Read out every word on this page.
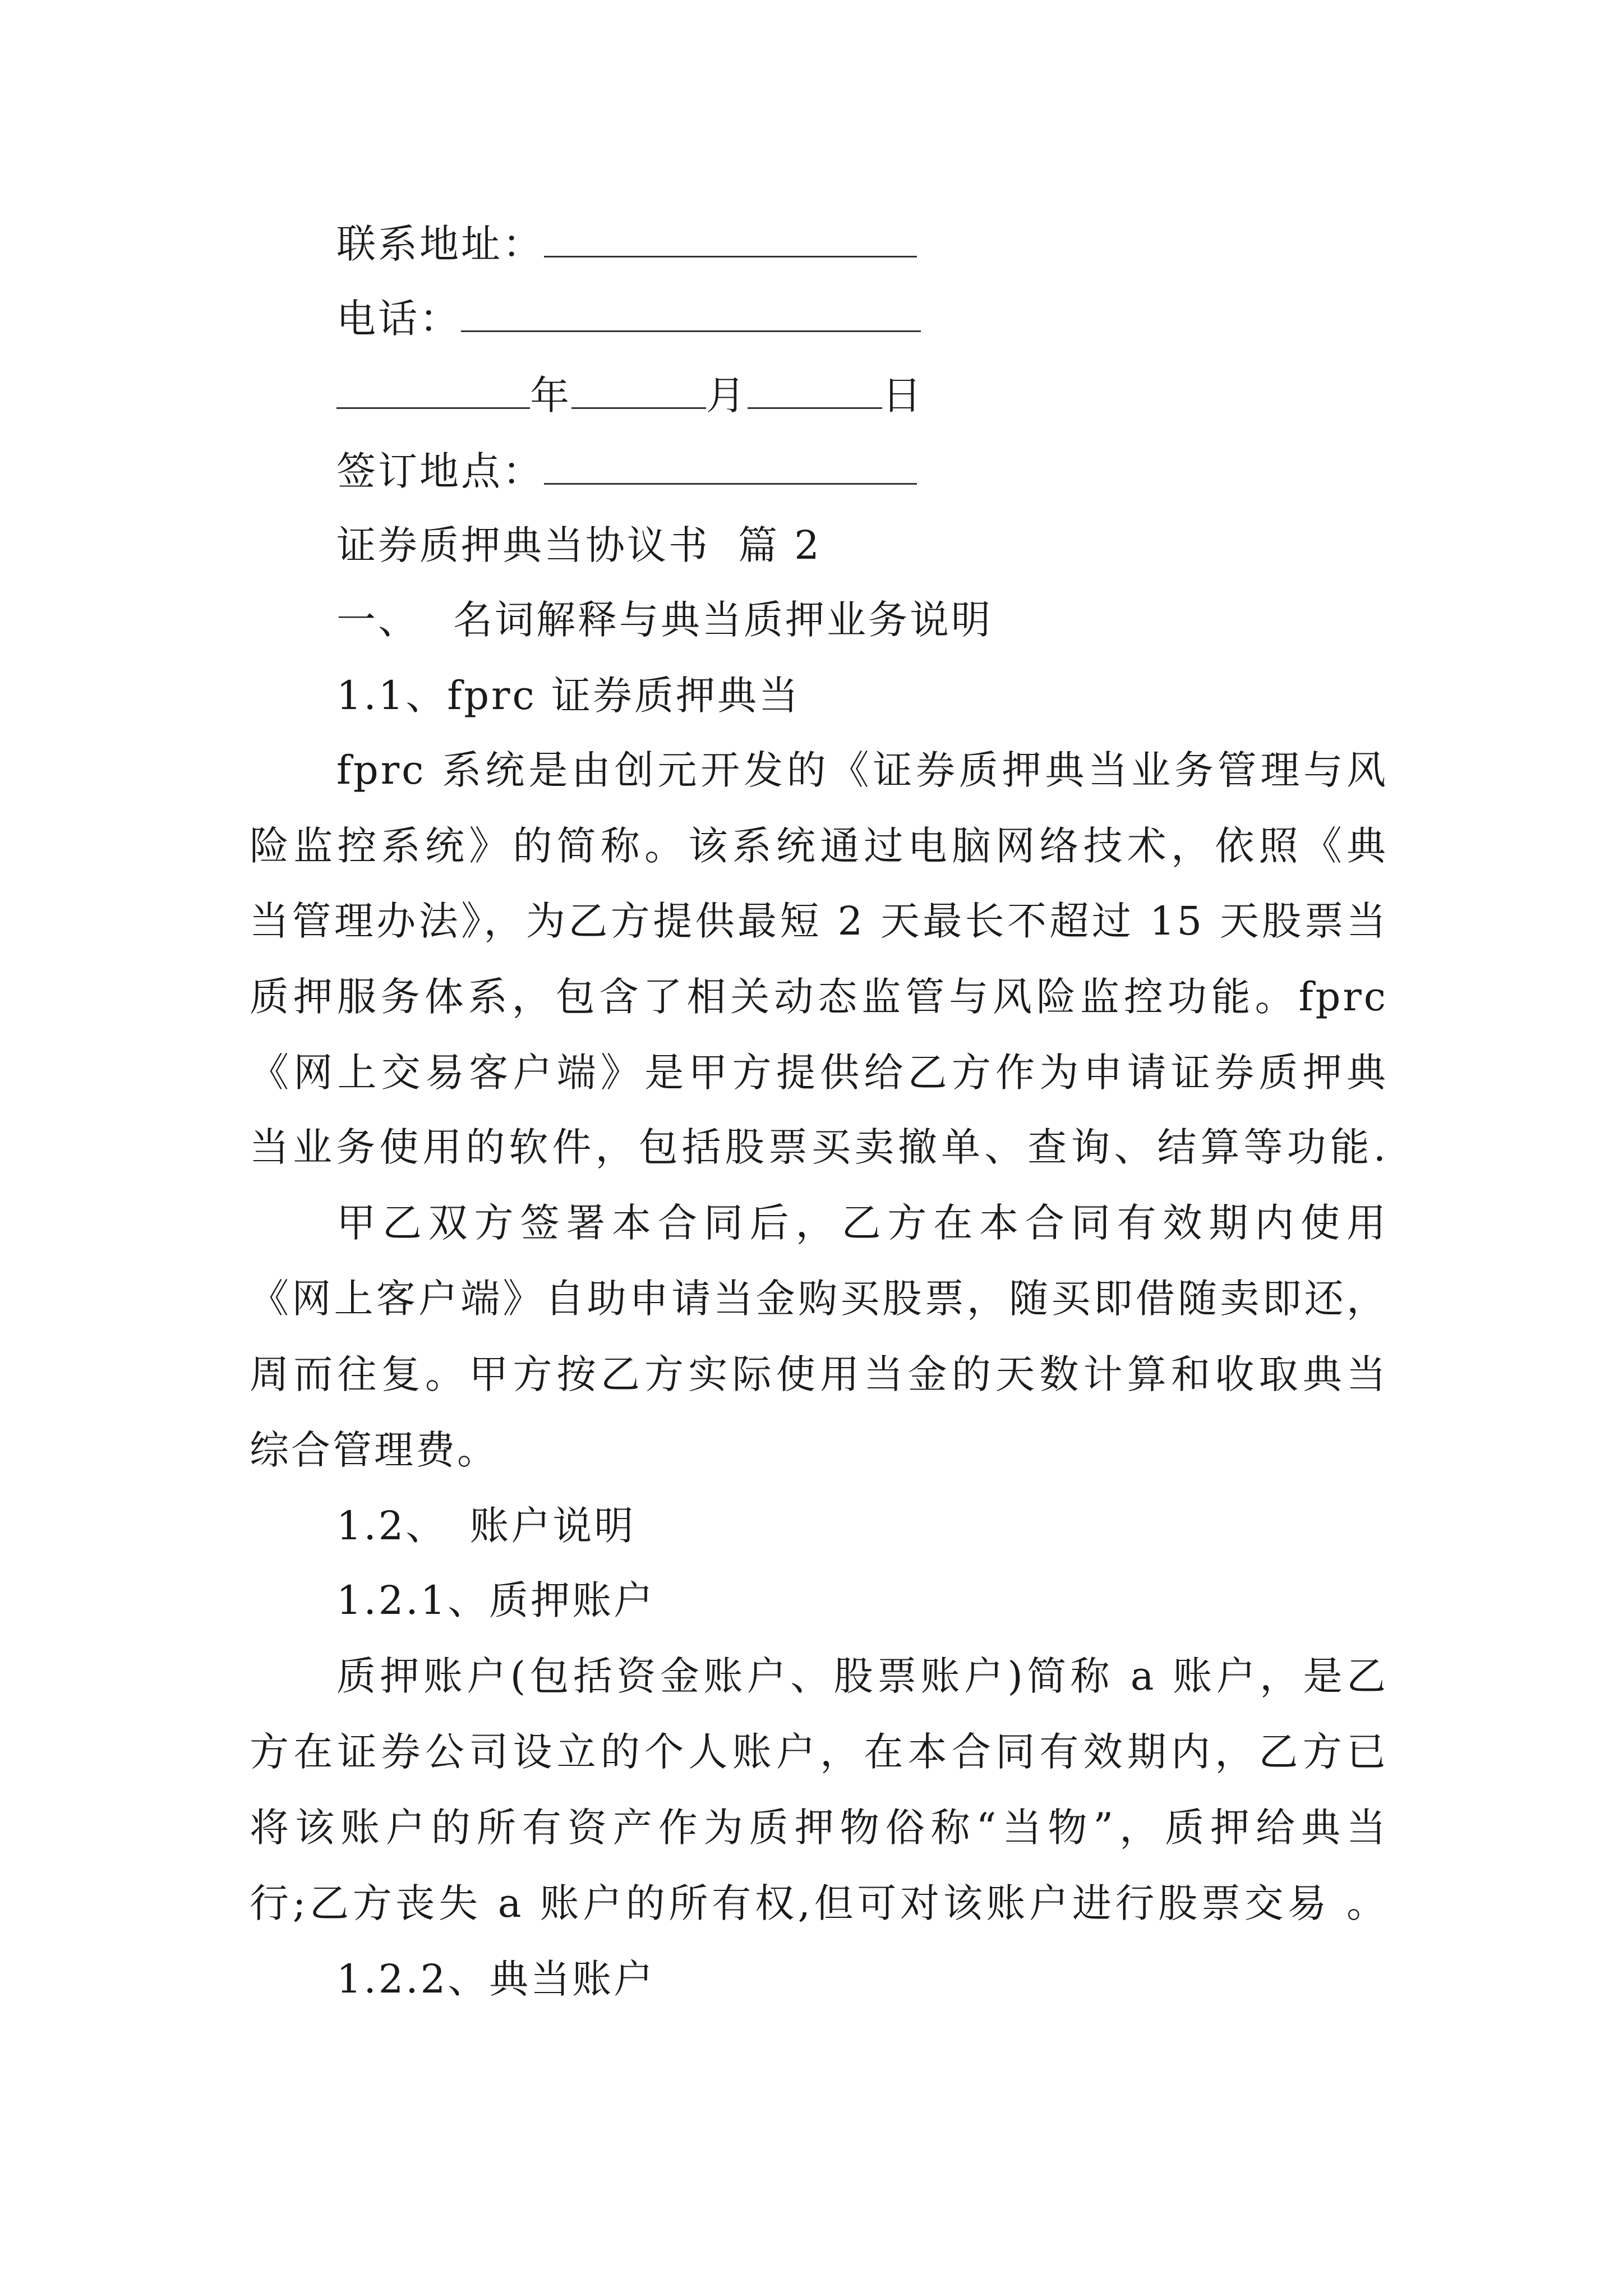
联系地址：
电话：
年	月	日
签订地点：
证券质押典当协议书 篇 2
一、 名词解释与典当质押业务说明
1.1、fprc 证券质押典当
fprc 系统是由创元开发的《证券质押典当业务管理与风
险监控系统》的简称。该系统通过电脑网络技术，依照《典
当管理办法》，为乙方提供最短 2 天最长不超过 15 天股票当
质押服务体系，包含了相关动态监管与风险监控功能。fprc
《网上交易客户端》是甲方提供给乙方作为申请证券质押典
当业务使用的软件，包括股票买卖撤单、查询、结算等功能.
甲乙双方签署本合同后，乙方在本合同有效期内使用
《网上客户端》自助申请当金购买股票，随买即借随卖即还，
周而往复。甲方按乙方实际使用当金的天数计算和收取典当
综合管理费。
1.2、 账户说明
1.2.1、质押账户
质押账户(包括资金账户、股票账户)简称 a 账户，是乙
方在证券公司设立的个人账户，在本合同有效期内，乙方已
将该账户的所有资产作为质押物俗称“当物”，质押给典当
行;乙方丧失 a 账户的所有权,但可对该账户进行股票交易 。
1.2.2、典当账户
